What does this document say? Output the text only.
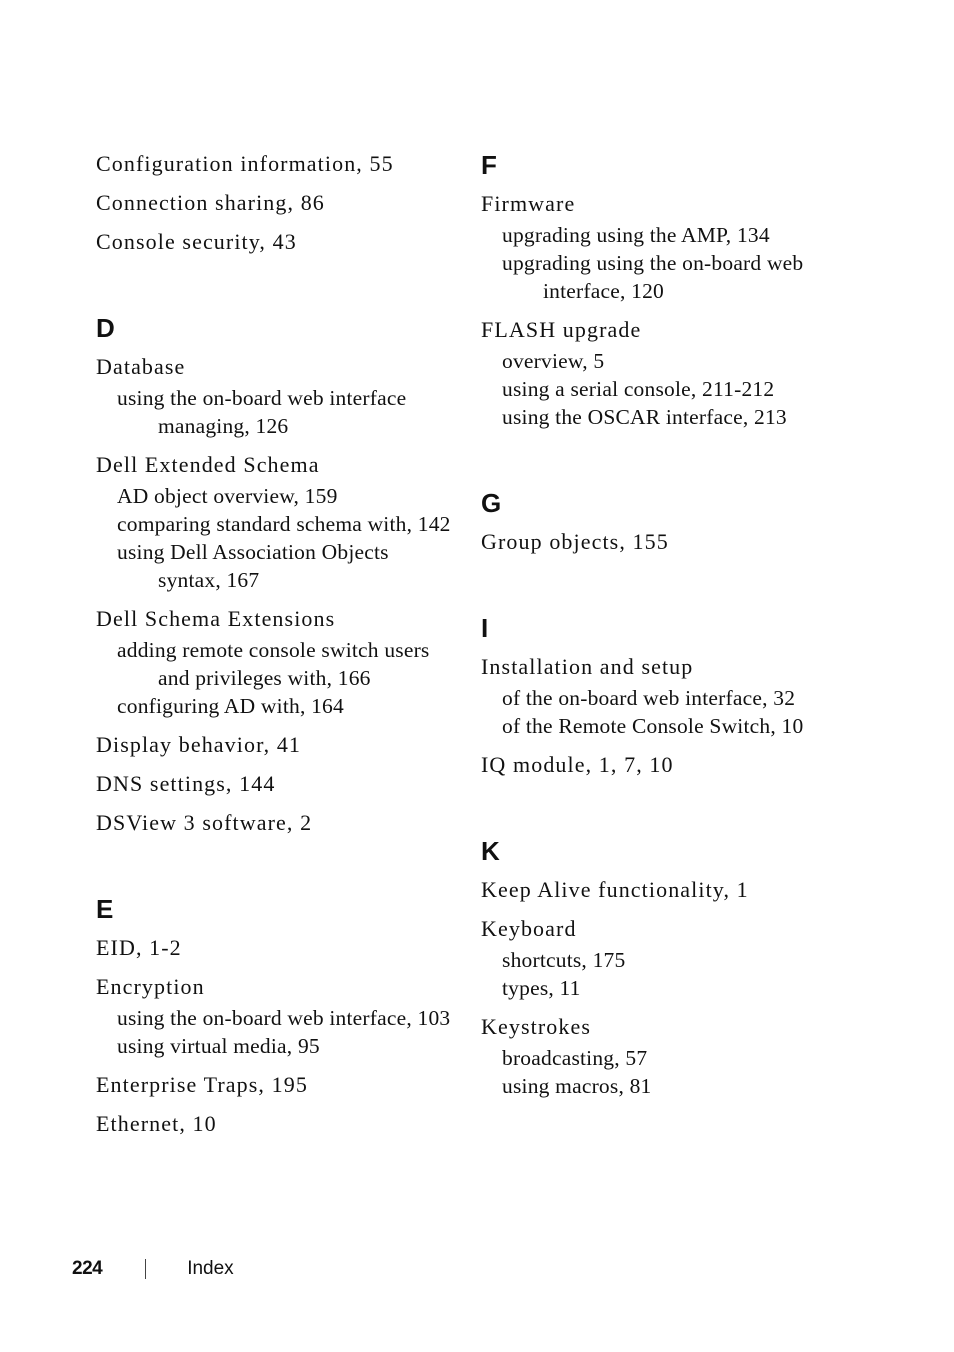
Configuration information, 55
Connection sharing, 86
Console security, 43
D
Database
using the on-board web interface managing, 126
Dell Extended Schema
AD object overview, 159
comparing standard schema with, 142
using Dell Association Objects syntax, 167
Dell Schema Extensions
adding remote console switch users and privileges with, 166
configuring AD with, 164
Display behavior, 41
DNS settings, 144
DSView 3 software, 2
E
EID, 1-2
Encryption
using the on-board web interface, 103
using virtual media, 95
Enterprise Traps, 195
Ethernet, 10
F
Firmware
upgrading using the AMP, 134
upgrading using the on-board web interface, 120
FLASH upgrade
overview, 5
using a serial console, 211-212
using the OSCAR interface, 213
G
Group objects, 155
I
Installation and setup
of the on-board web interface, 32
of the Remote Console Switch, 10
IQ module, 1, 7, 10
K
Keep Alive functionality, 1
Keyboard
shortcuts, 175
types, 11
Keystrokes
broadcasting, 57
using macros, 81
224	Index
